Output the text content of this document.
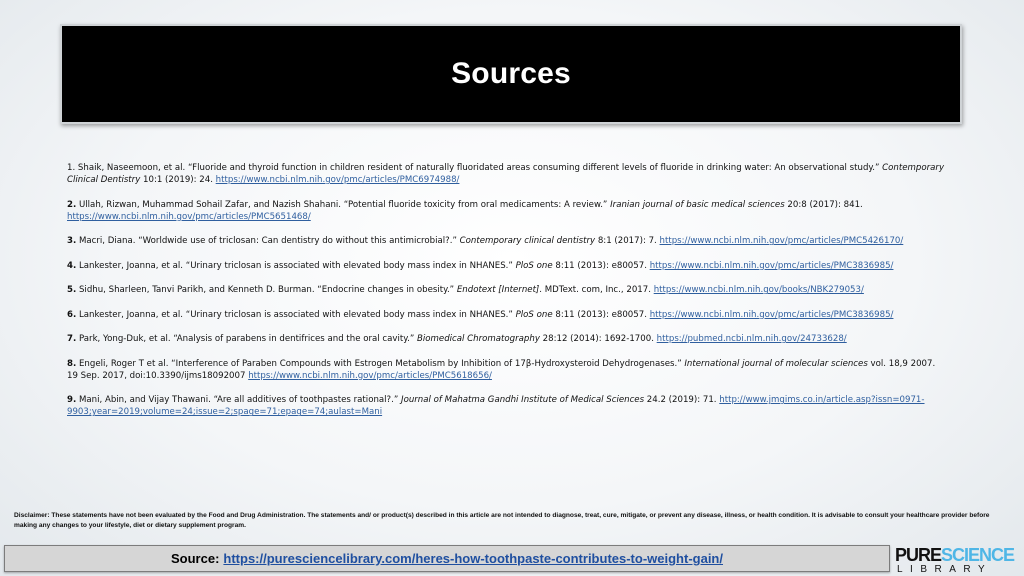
Sources

1. Shaik, Naseemoon, et al. “Fluoride and thyroid function in children resident of naturally fluoridated areas consuming different levels of fluoride in drinking water: An observational study.” Contemporary Clinical Dentistry 10:1 (2019): 24. https://www.ncbi.nlm.nih.gov/pmc/articles/PMC6974988/

2. Ullah, Rizwan, Muhammad Sohail Zafar, and Nazish Shahani. “Potential fluoride toxicity from oral medicaments: A review.” Iranian journal of basic medical sciences 20:8 (2017): 841. https://www.ncbi.nlm.nih.gov/pmc/articles/PMC5651468/

3. Macri, Diana. “Worldwide use of triclosan: Can dentistry do without this antimicrobial?.” Contemporary clinical dentistry 8:1 (2017): 7. https://www.ncbi.nlm.nih.gov/pmc/articles/PMC5426170/

4. Lankester, Joanna, et al. “Urinary triclosan is associated with elevated body mass index in NHANES.” PloS one 8:11 (2013): e80057. https://www.ncbi.nlm.nih.gov/pmc/articles/PMC3836985/

5. Sidhu, Sharleen, Tanvi Parikh, and Kenneth D. Burman. “Endocrine changes in obesity.” Endotext [Internet]. MDText. com, Inc., 2017. https://www.ncbi.nlm.nih.gov/books/NBK279053/

6. Lankester, Joanna, et al. “Urinary triclosan is associated with elevated body mass index in NHANES.” PloS one 8:11 (2013): e80057. https://www.ncbi.nlm.nih.gov/pmc/articles/PMC3836985/

7. Park, Yong-Duk, et al. “Analysis of parabens in dentifrices and the oral cavity.” Biomedical Chromatography 28:12 (2014): 1692-1700. https://pubmed.ncbi.nlm.nih.gov/24733628/

8. Engeli, Roger T et al. “Interference of Paraben Compounds with Estrogen Metabolism by Inhibition of 17β-Hydroxysteroid Dehydrogenases.” International journal of molecular sciences vol. 18,9 2007. 19 Sep. 2017, doi:10.3390/ijms18092007 https://www.ncbi.nlm.nih.gov/pmc/articles/PMC5618656/

9. Mani, Abin, and Vijay Thawani. “Are all additives of toothpastes rational?.” Journal of Mahatma Gandhi Institute of Medical Sciences 24.2 (2019): 71. http://www.jmgims.co.in/article.asp?issn=0971-9903;year=2019;volume=24;issue=2;spage=71;epage=74;aulast=Mani

Disclaimer: These statements have not been evaluated by the Food and Drug Administration. The statements and/ or product(s) described in this article are not intended to diagnose, treat, cure, mitigate, or prevent any disease, illness, or health condition. It is advisable to consult your healthcare provider before making any changes to your lifestyle, diet or dietary supplement program.
Source: https://puresciencelibrary.com/heres-how-toothpaste-contributes-to-weight-gain/	PURESCIENCE
LIBRARY
